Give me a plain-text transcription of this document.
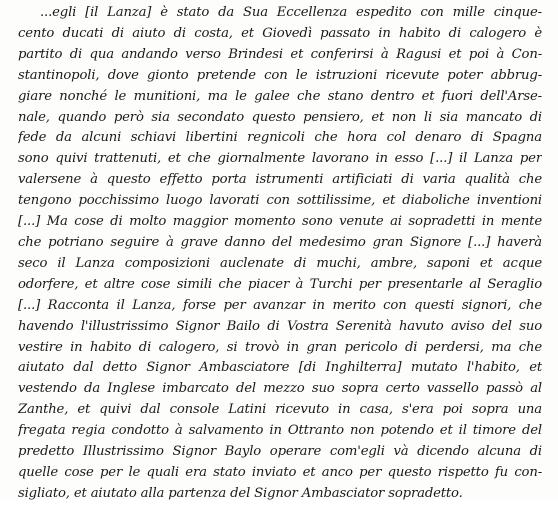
...egli [il Lanza] è stato da Sua Eccellenza espedito con mille cinque-
cento ducati di aiuto di costa, et Giovedì passato in habito di calogero è
partito di qua andando verso Brindesi et conferirsi à Ragusi et poi à Con-
stantinopoli, dove gionto pretende con le istruzioni ricevute poter abbrug-
giare nonché le munitioni, ma le galee che stano dentro et fuori dell'Arse-
nale, quando però sia secondato questo pensiero, et non li sia mancato di
fede da alcuni schiavi libertini regnicoli che hora col denaro di Spagna
sono quivi trattenuti, et che giornalmente lavorano in esso [...] il Lanza per
valersene à questo effetto porta istrumenti artificiati di varia qualità che
tengono pocchissimo luogo lavorati con sottilissime, et diaboliche inventioni
[...] Ma cose di molto maggior momento sono venute ai sopradetti in mente
che potriano seguire à grave danno del medesimo gran Signore [...] haverà
seco il Lanza composizioni auclenate di muchi, ambre, saponi et acque
odorfere, et altre cose simili che piacer à Turchi per presentarle al Seraglio
[...] Racconta il Lanza, forse per avanzar in merito con questi signori, che
havendo l'illustrissimo Signor Bailo di Vostra Serenità havuto aviso del suo
vestire in habito di calogero, si trovò in gran pericolo di perdersi, ma che
aiutato dal detto Signor Ambasciatore [di Inghilterra] mutato l'habito, et
vestendo da Inglese imbarcato del mezzo suo sopra certo vassello passò al
Zanthe, et quivi dal console Latini ricevuto in casa, s'era poi sopra una
fregata regia condotto à salvamento in Ottranto non potendo et il timore del
predetto Illustrissimo Signor Baylo operare com'egli và dicendo alcuna di
quelle cose per le quali era stato inviato et anco per questo rispetto fu con-
sigliato, et aiutato alla partenza del Signor Ambasciator sopradetto.
